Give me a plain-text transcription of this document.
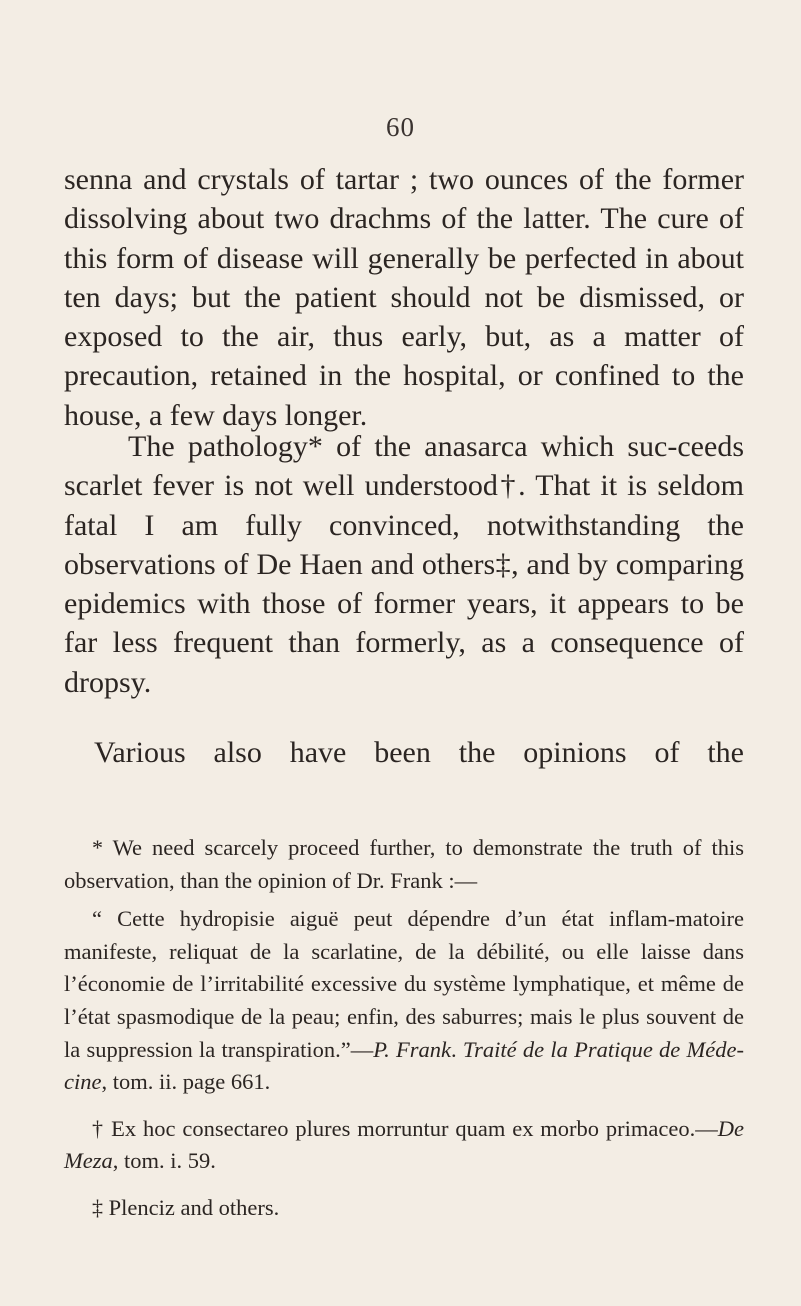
60

senna and crystals of tartar ; two ounces of the former dissolving about two drachms of the latter. The cure of this form of disease will generally be perfected in about ten days; but the patient should not be dismissed, or exposed to the air, thus early, but, as a matter of precaution, retained in the hospital, or confined to the house, a few days longer.

The pathology* of the anasarca which suc-ceeds scarlet fever is not well understood†. That it is seldom fatal I am fully convinced, notwithstanding the observations of De Haen and others‡, and by comparing epidemics with those of former years, it appears to be far less frequent than formerly, as a consequence of dropsy.

Various also have been the opinions of the

* We need scarcely proceed further, to demonstrate the truth of this observation, than the opinion of Dr. Frank :—

“ Cette hydropisie aiguë peut dépendre d’un état inflam-matoire manifeste, reliquat de la scarlatine, de la débilité, ou elle laisse dans l’économie de l’irritabilité excessive du système lymphatique, et même de l’état spasmodique de la peau; enfin, des saburres; mais le plus souvent de la suppression la transpiration.”—P. Frank. Traité de la Pratique de Méde-cine, tom. ii. page 661.

† Ex hoc consectareo plures morruntur quam ex morbo primaceo.—De Meza, tom. i. 59.

‡ Plenciz and others.
